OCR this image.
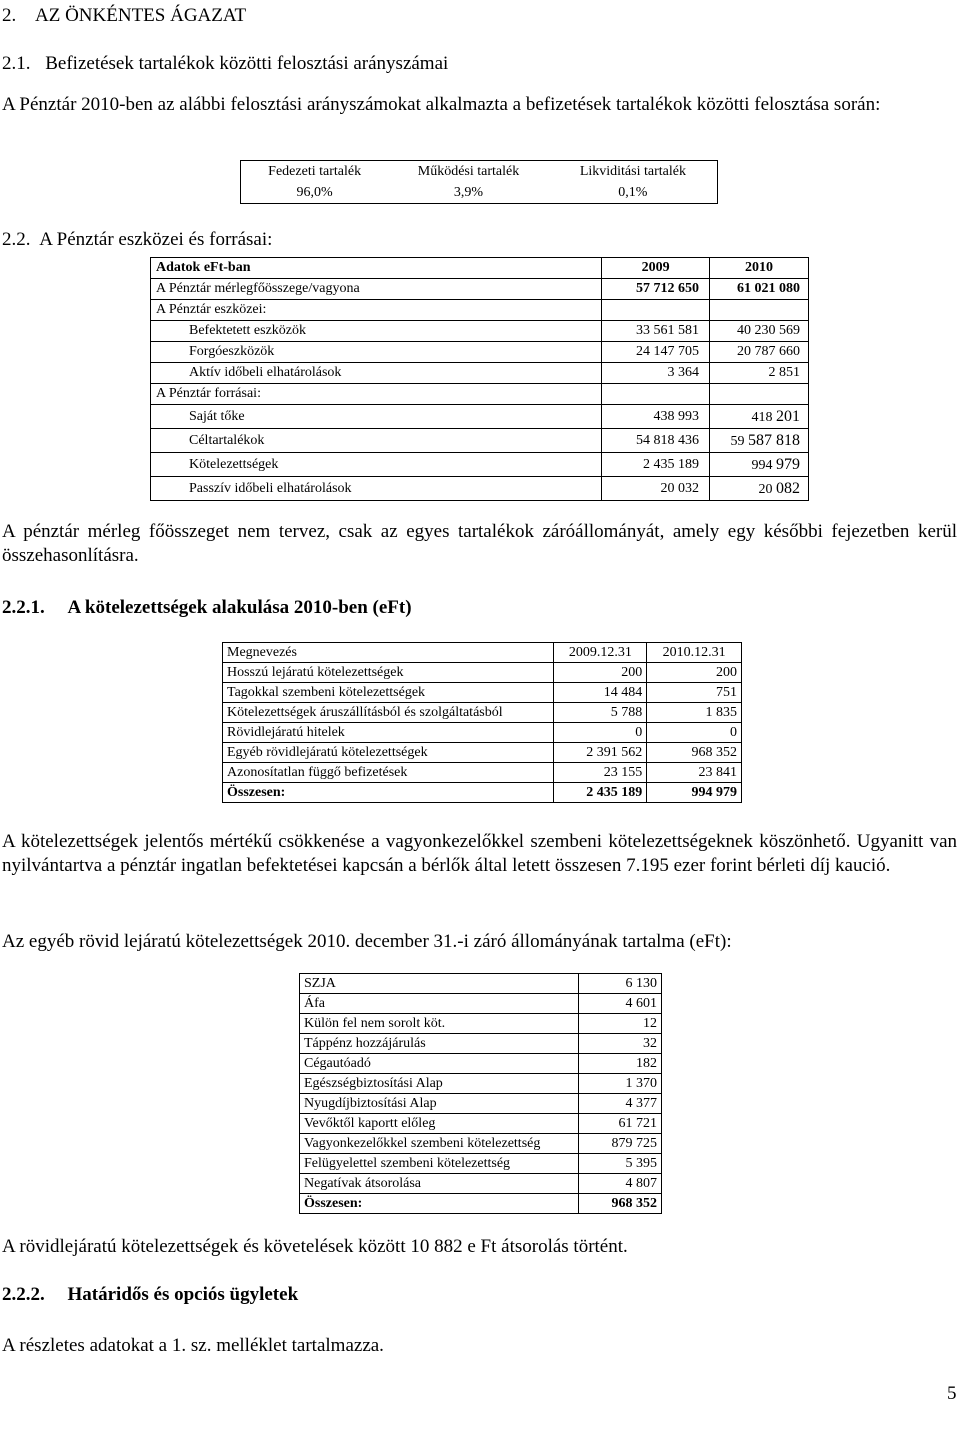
2. AZ ÖNKÉNTES ÁGAZAT
2.1. Befizetések tartalékok közötti felosztási arányszámai
A Pénztár 2010-ben az alábbi felosztási arányszámokat alkalmazta a befizetések tartalékok közötti felosztása során:
Fedezeti tartalék	Működési tartalék	Likviditási tartalék
96,0%	3,9%	0,1%
2.2. A Pénztár eszközei és forrásai:
Adatok eFt-ban	2009	2010
A Pénztár mérlegfőösszege/vagyona	57 712 650	61 021 080
A Pénztár eszközei:		
Befektetett eszközök	33 561 581	40 230 569
Forgóeszközök	24 147 705	20 787 660
Aktív időbeli elhatárolások	3 364	2 851
A Pénztár forrásai:		
Saját tőke	438 993	418 201
Céltartalékok	54 818 436	59 587 818
Kötelezettségek	2 435 189	994 979
Passzív időbeli elhatárolások	20 032	20 082
A pénztár mérleg főösszeget nem tervez, csak az egyes tartalékok záróállományát, amely egy későbbi fejezetben kerül összehasonlításra.
2.2.1. A kötelezettségek alakulása 2010-ben (eFt)
Megnevezés	2009.12.31	2010.12.31
Hosszú lejáratú kötelezettségek	200	200
Tagokkal szembeni kötelezettségek	14 484	751
Kötelezettségek áruszállításból és szolgáltatásból	5 788	1 835
Rövidlejáratú hitelek	0	0
Egyéb rövidlejáratú kötelezettségek	2 391 562	968 352
Azonosítatlan függő befizetések	23 155	23 841
Összesen:	2 435 189	994 979
A kötelezettségek jelentős mértékű csökkenése a vagyonkezelőkkel szembeni kötelezettségeknek köszönhető. Ugyanitt van nyilvántartva a pénztár ingatlan befektetései kapcsán a bérlők által letett összesen 7.195 ezer forint bérleti díj kaució.
Az egyéb rövid lejáratú kötelezettségek 2010. december 31.-i záró állományának tartalma (eFt):
SZJA	6 130
Áfa	4 601
Külön fel nem sorolt köt.	12
Táppénz hozzájárulás	32
Cégautóadó	182
Egészségbiztosítási Alap	1 370
Nyugdíjbiztosítási Alap	4 377
Vevőktől kaportt előleg	61 721
Vagyonkezelőkkel szembeni kötelezettség	879 725
Felügyelettel szembeni kötelezettség	5 395
Negatívak átsorolása	4 807
Összesen:	968 352
A rövidlejáratú kötelezettségek és követelések között 10 882 e Ft átsorolás történt.
2.2.2. Határidős és opciós ügyletek
A részletes adatokat a 1. sz. melléklet tartalmazza.
5
